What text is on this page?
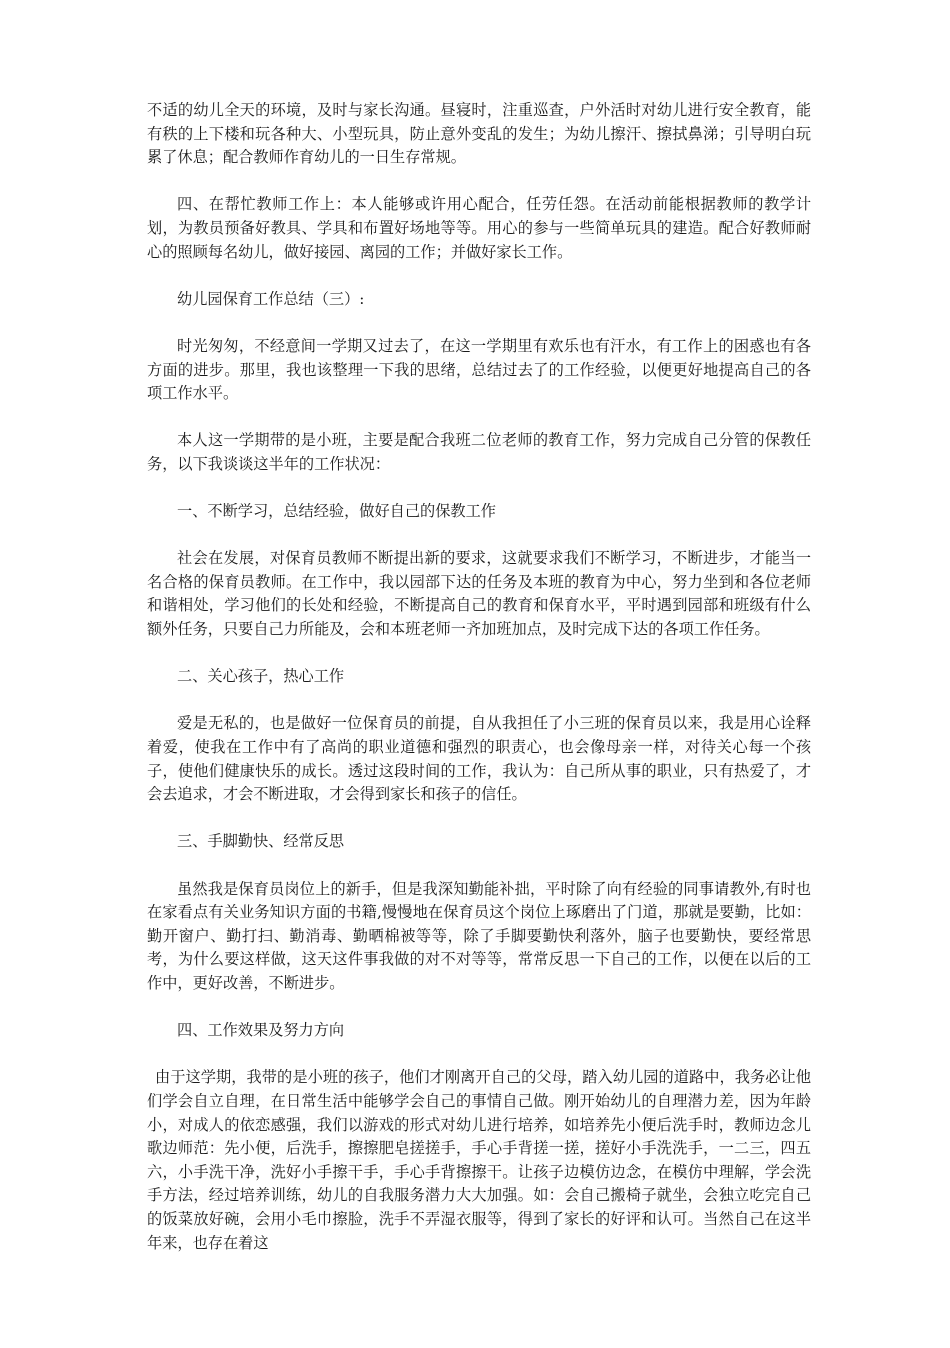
不适的幼儿全天的环境，及时与家长沟通。昼寝时，注重巡查，户外活时对幼儿进行安全教育，能有秩的上下楼和玩各种大、小型玩具，防止意外变乱的发生；为幼儿擦汗、擦拭鼻涕；引导明白玩累了休息；配合教师作育幼儿的一日生存常规。

四、在帮忙教师工作上：本人能够或许用心配合，任劳任怨。在活动前能根据教师的教学计划，为教员预备好教具、学具和布置好场地等等。用心的参与一些简单玩具的建造。配合好教师耐心的照顾每名幼儿，做好接园、离园的工作；并做好家长工作。

幼儿园保育工作总结（三）:

时光匆匆，不经意间一学期又过去了，在这一学期里有欢乐也有汗水，有工作上的困惑也有各方面的进步。那里，我也该整理一下我的思绪，总结过去了的工作经验，以便更好地提高自己的各项工作水平。

本人这一学期带的是小班，主要是配合我班二位老师的教育工作，努力完成自己分管的保教任务，以下我谈谈这半年的工作状况：

一、不断学习，总结经验，做好自己的保教工作

社会在发展，对保育员教师不断提出新的要求，这就要求我们不断学习，不断进步，才能当一名合格的保育员教师。在工作中，我以园部下达的任务及本班的教育为中心，努力坐到和各位老师和谐相处，学习他们的长处和经验，不断提高自己的教育和保育水平，平时遇到园部和班级有什么额外任务，只要自己力所能及，会和本班老师一齐加班加点，及时完成下达的各项工作任务。

二、关心孩子，热心工作

爱是无私的，也是做好一位保育员的前提，自从我担任了小三班的保育员以来，我是用心诠释着爱，使我在工作中有了高尚的职业道德和强烈的职责心，也会像母亲一样，对待关心每一个孩子，使他们健康快乐的成长。透过这段时间的工作，我认为：自己所从事的职业，只有热爱了，才会去追求，才会不断进取，才会得到家长和孩子的信任。

三、手脚勤快、经常反思

虽然我是保育员岗位上的新手，但是我深知勤能补拙，平时除了向有经验的同事请教外,有时也在家看点有关业务知识方面的书籍,慢慢地在保育员这个岗位上琢磨出了门道，那就是要勤，比如：勤开窗户、勤打扫、勤消毒、勤晒棉被等等，除了手脚要勤快利落外，脑子也要勤快，要经常思考，为什么要这样做，这天这件事我做的对不对等等，常常反思一下自己的工作，以便在以后的工作中，更好改善，不断进步。

四、工作效果及努力方向

由于这学期，我带的是小班的孩子，他们才刚离开自己的父母，踏入幼儿园的道路中，我务必让他们学会自立自理，在日常生活中能够学会自己的事情自己做。刚开始幼儿的自理潜力差，因为年龄小，对成人的依恋感强，我们以游戏的形式对幼儿进行培养，如培养先小便后洗手时，教师边念儿歌边师范：先小便，后洗手，擦擦肥皂搓搓手，手心手背搓一搓，搓好小手洗洗手，一二三，四五六，小手洗干净，洗好小手擦干手，手心手背擦擦干。让孩子边模仿边念，在模仿中理解，学会洗手方法，经过培养训练，幼儿的自我服务潜力大大加强。如：会自己搬椅子就坐，会独立吃完自己的饭菜放好碗，会用小毛巾擦脸，洗手不弄湿衣服等，得到了家长的好评和认可。当然自己在这半年来，也存在着这
